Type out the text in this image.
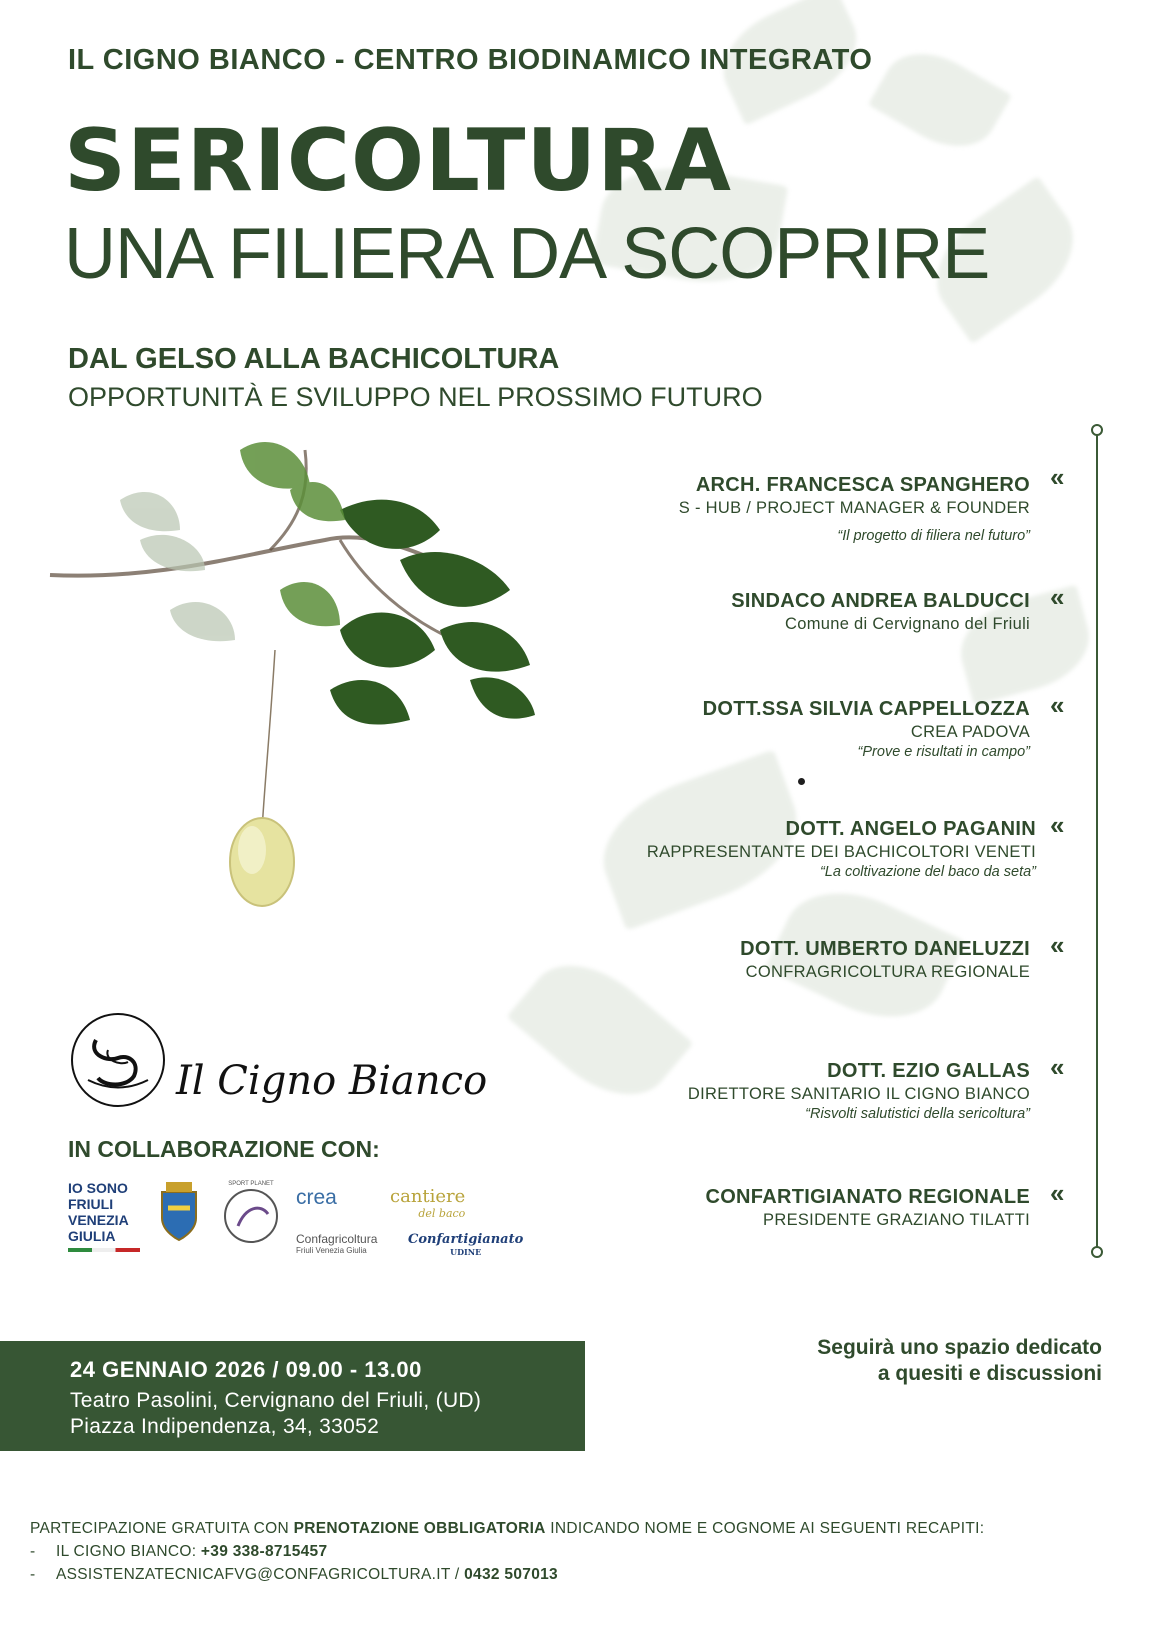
IL CIGNO BIANCO - CENTRO BIODINAMICO INTEGRATO
SERICOLTURA
UNA FILIERA DA SCOPRIRE
DAL GELSO ALLA BACHICOLTURA
OPPORTUNITÀ E SVILUPPO NEL PROSSIMO FUTURO
ARCH. FRANCESCA SPANGHERO
S - HUB / PROJECT MANAGER & FOUNDER
“Il progetto di filiera nel futuro”
«
SINDACO ANDREA BALDUCCI
Comune di Cervignano del Friuli
«
DOTT.SSA SILVIA CAPPELLOZZA
CREA PADOVA
“Prove e risultati in campo”
«
DOTT. ANGELO PAGANIN
RAPPRESENTANTE DEI BACHICOLTORI VENETI
“La coltivazione del baco da seta”
«
DOTT. UMBERTO DANELUZZI
CONFRAGRICOLTURA REGIONALE
«
DOTT. EZIO GALLAS
DIRETTORE SANITARIO IL CIGNO BIANCO
“Risvolti salutistici della sericoltura”
«
CONFARTIGIANATO REGIONALE
PRESIDENTE GRAZIANO TILATTI
«
Il Cigno Bianco
IN COLLABORAZIONE CON:
IO SONO
FRIULI
VENEZIA
GIULIA
SPORT PLANET
crea	cantiere
del baco
Confagricoltura
Friuli Venezia Giulia
Confartigianato
UDINE
24 GENNAIO 2026 / 09.00 - 13.00
Teatro Pasolini, Cervignano del Friuli, (UD)
Piazza Indipendenza, 34, 33052
Seguirà uno spazio dedicato
a quesiti e discussioni
PARTECIPAZIONE GRATUITA CON PRENOTAZIONE OBBLIGATORIA INDICANDO NOME E COGNOME AI SEGUENTI RECAPITI:
- IL CIGNO BIANCO: +39 338-8715457
- ASSISTENZATECNICAFVG@CONFAGRICOLTURA.IT / 0432 507013
